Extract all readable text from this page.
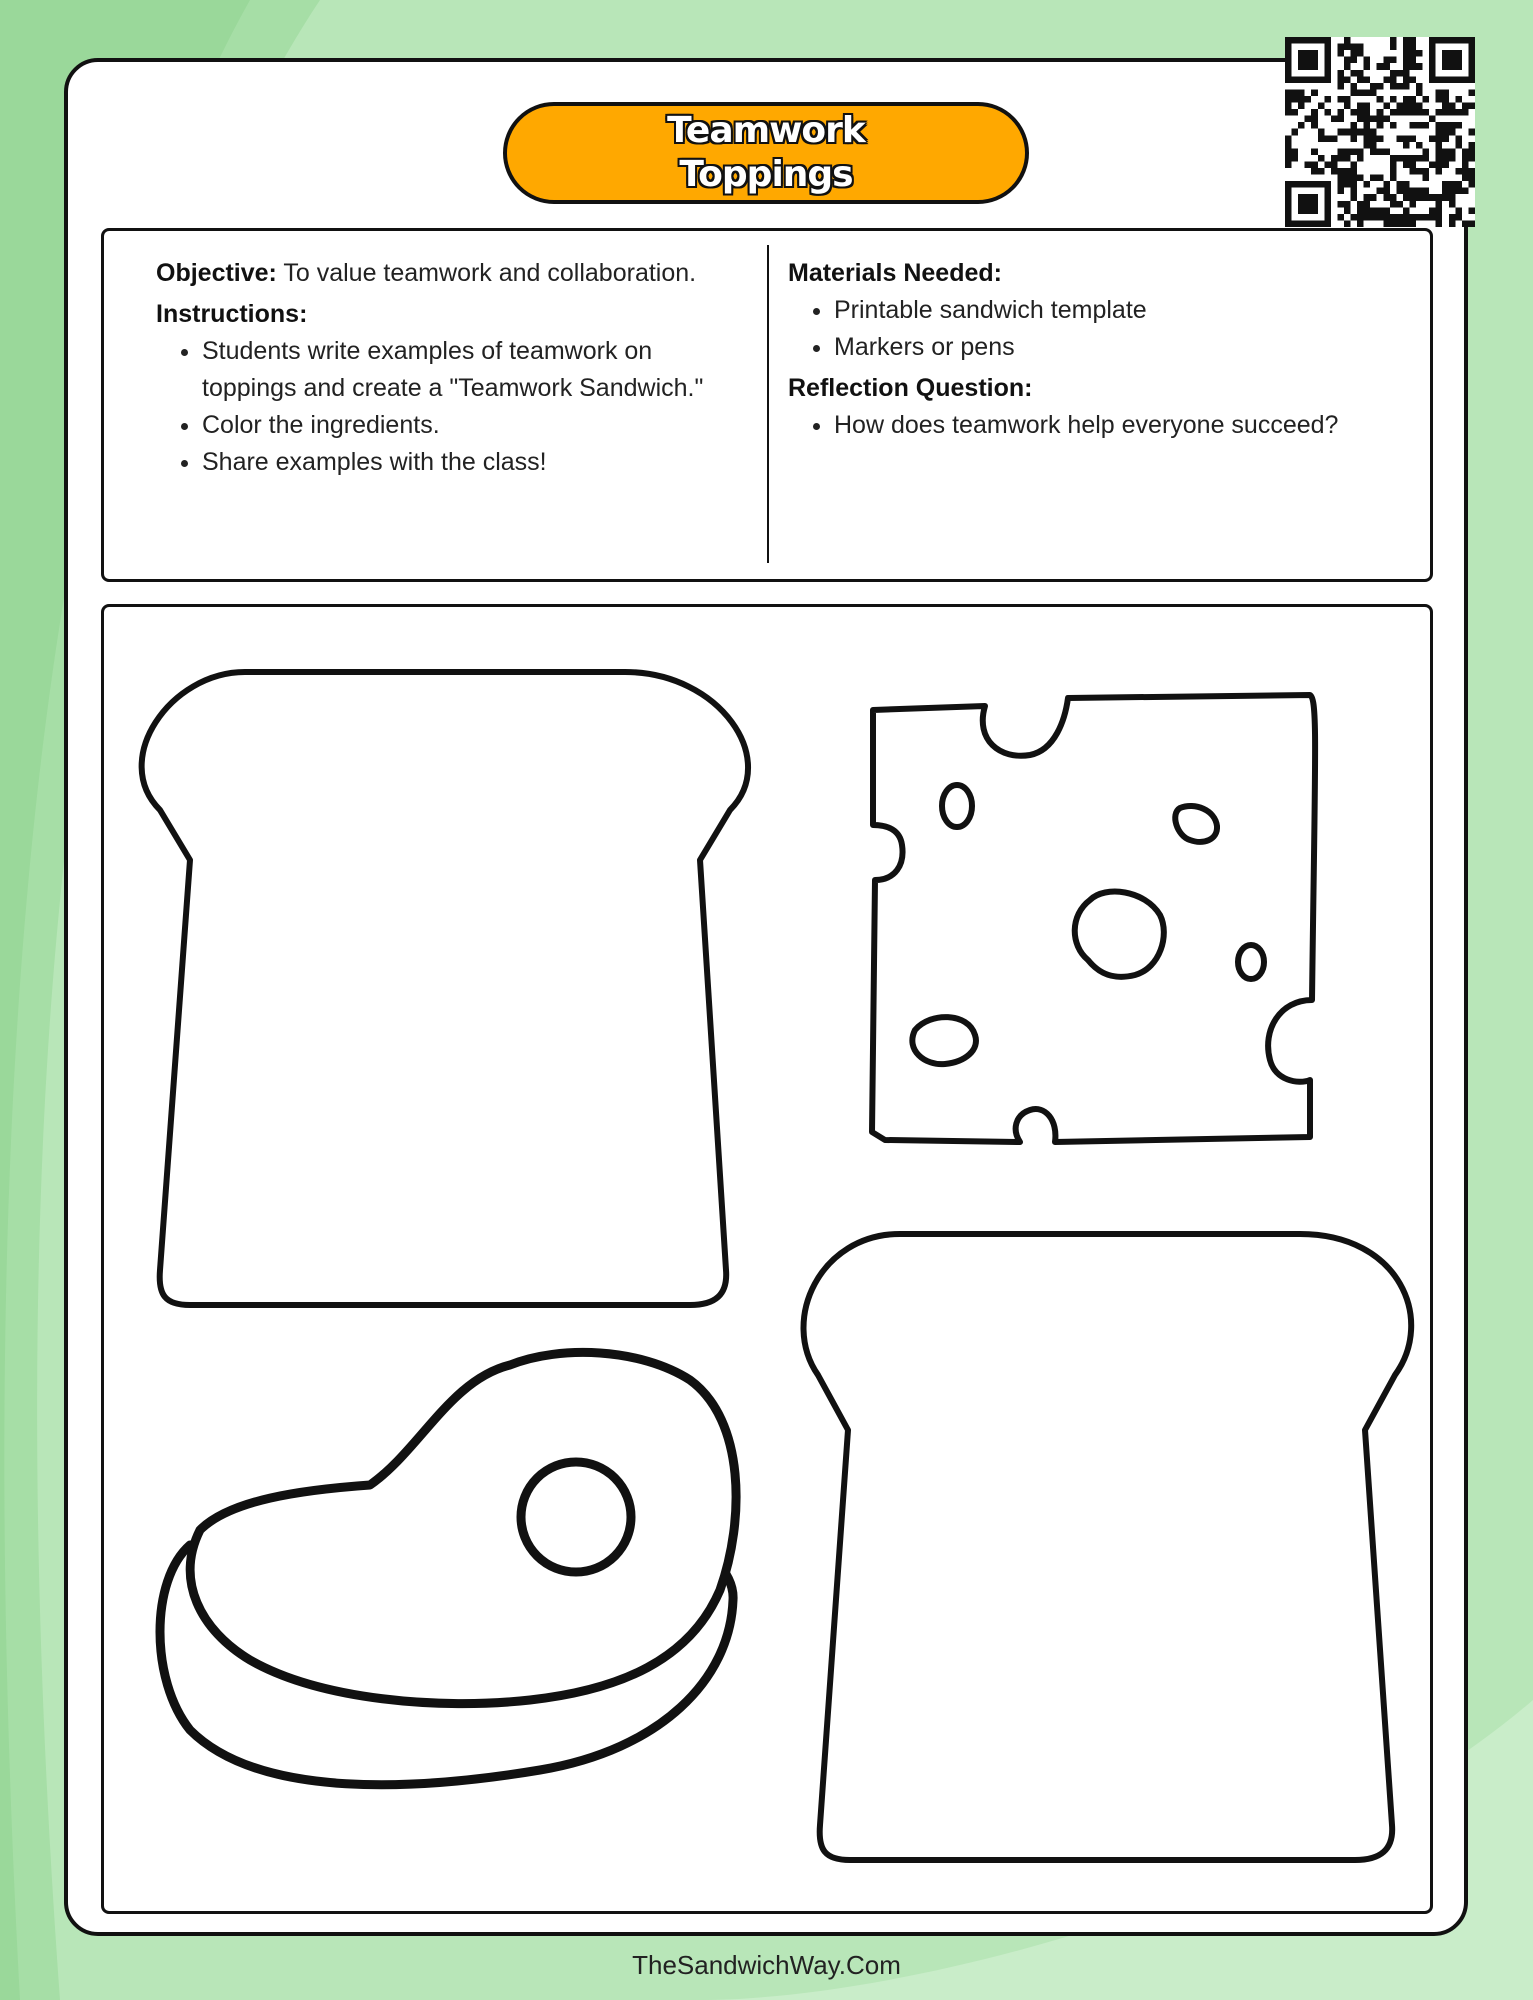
Teamwork
Toppings

Objective: To value teamwork and collaboration.

Instructions:

• Students write examples of teamwork on toppings and create a "Teamwork Sandwich."
• Color the ingredients.
• Share examples with the class!

Materials Needed:

• Printable sandwich template
• Markers or pens

Reflection Question:

• How does teamwork help everyone succeed?
TheSandwichWay.Com
